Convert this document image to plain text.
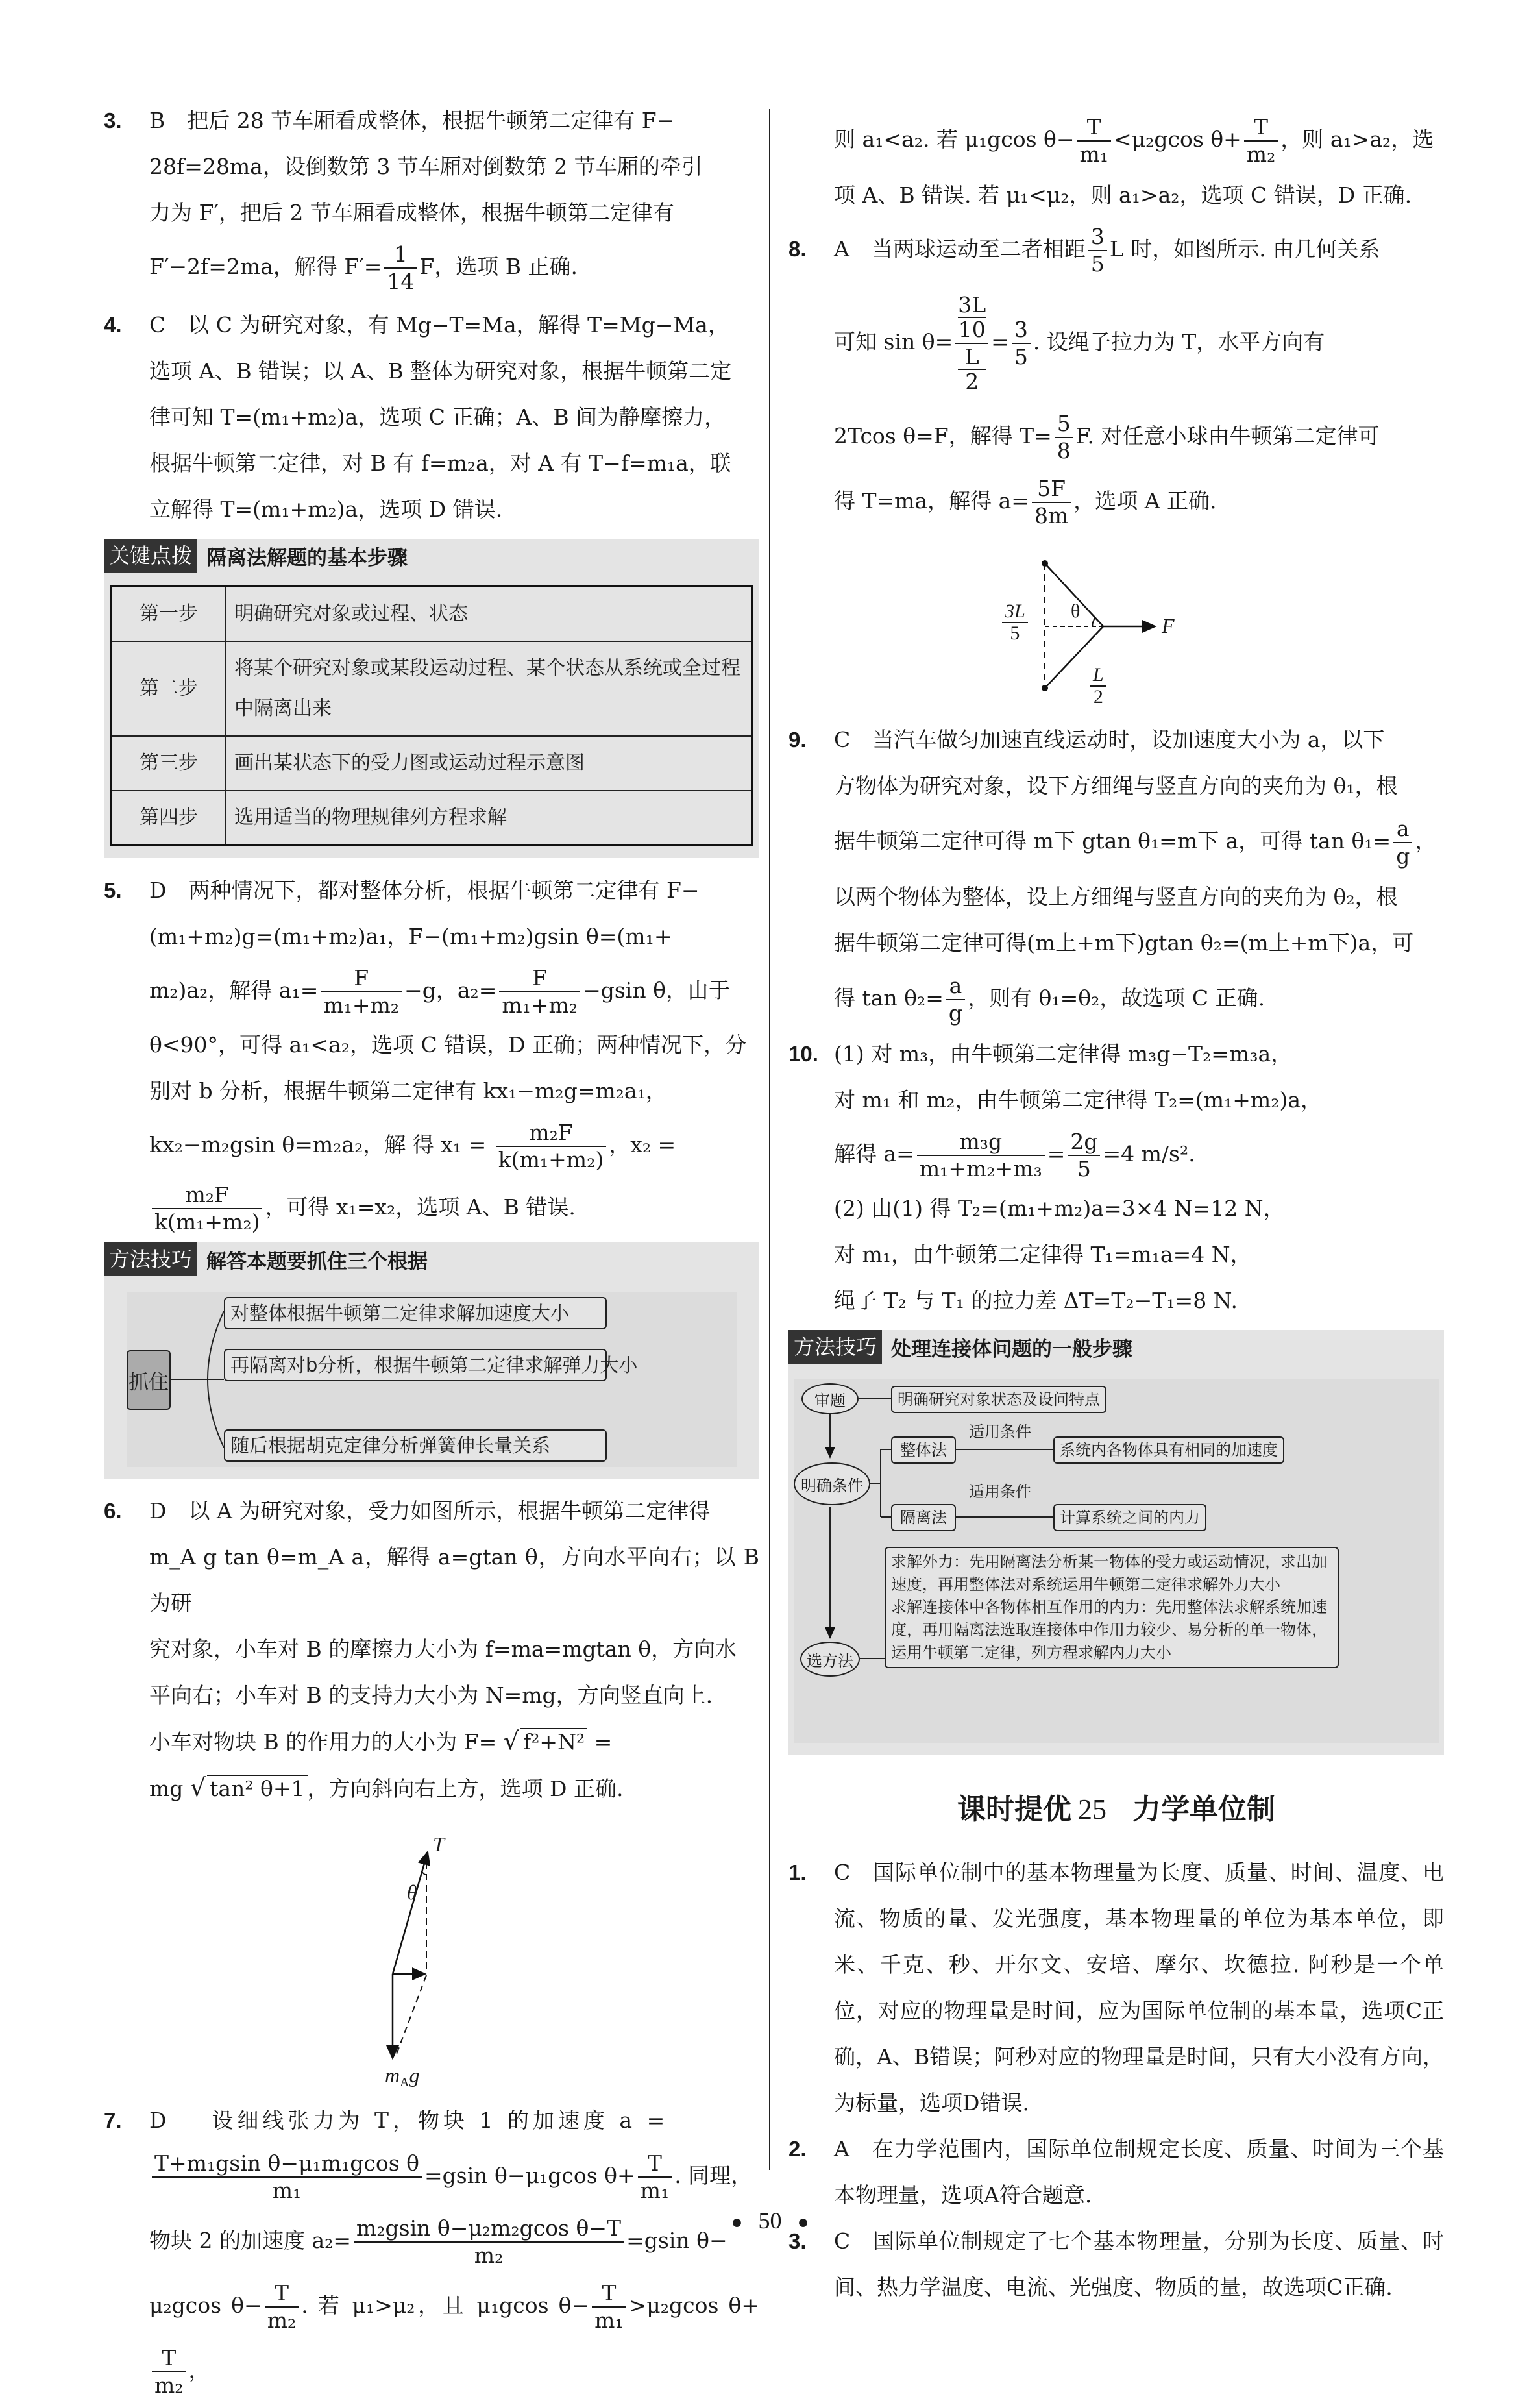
3. B 把后 28 节车厢看成整体，根据牛顿第二定律有 F−

28f=28ma，设倒数第 3 节车厢对倒数第 2 节车厢的牵引

力为 F′，把后 2 节车厢看成整体，根据牛顿第二定律有

F′−2f=2ma，解得 $F'= \frac{1}{14}$ F，选项 B 正确.

4. C 以 C 为研究对象，有 Mg−T=Ma，解得 T=Mg−Ma，

选项 A、B 错误；以 A、B 整体为研究对象，根据牛顿第二定

律可知 T=(m₁+m₂)a，选项 C 正确；A、B 间为静摩擦力，

根据牛顿第二定律，对 B 有 f=m₂a，对 A 有 T−f=m₁a，联

立解得 T=(m₁+m₂)a，选项 D 错误.

关键点拨 隔离法解题的基本步骤
第一步	明确研究对象或过程、状态
第二步	将某个研究对象或某段运动过程、某个状态从系统或全过程中隔离出来
第三步	画出某状态下的受力图或运动过程示意图
第四步	选用适当的物理规律列方程求解

5. D 两种情况下，都对整体分析，根据牛顿第二定律有 F−

(m₁+m₂)g=(m₁+m₂)a₁，F−(m₁+m₂)gsin θ=(m₁+

m₂)a₂，解得 $a_1= \frac{F}{\text{m₁+m₂}} -g$，$a_2= \frac{F}{\text{m₁+m₂}} -gsin$ θ，由于

θ<90°，可得 a₁<a₂，选项 C 错误，D 正确；两种情况下，分

别对 b 分析，根据牛顿第二定律有 kx₁−m₂g=m₂a₁，

kx₂−m₂gsin θ=m₂a₂，解 得 $x_1 = \frac{\text{m₂F}}{\text{k(m₁+m₂)}}$ ，x₂ =

$\frac{\text{m₂F}}{\text{k(m₁+m₂)}}$ ，可得 x₁=x₂，选项 A、B 错误.

方法技巧 解答本题要抓住三个根据
抓住
对整体根据牛顿第二定律求解加速度大小
再隔离对b分析，根据牛顿第二定律求解弹力大小
随后根据胡克定律分析弹簧伸长量关系

6. D 以 A 为研究对象，受力如图所示，根据牛顿第二定律得

m_A g tan θ=m_A a，解得 a=gtan θ，方向水平向右；以 B 为研

究对象，小车对 B 的摩擦力大小为 f=ma=mgtan θ，方向水

平向右；小车对 B 的支持力大小为 N=mg，方向竖直向上.

小车对物块 B 的作用力的大小为 F= √ f²+N² =

mg √ tan² θ+1 ，方向斜向右上方，选项 D 正确.

T
θ
$m_Ag$

7. D 设细线张力为 T，物块 1 的加速度 a =

$\frac{\text{T+m₁gsin θ−μ₁m₁gcos θ}}{\text{m₁}} =gsin$ θ−μ₁gcos $\theta+ \frac{T}{\text{m₁}}$ . 同理，

物块 2 的加速度 $a_2= \frac{\text{m₂gsin θ−μ₂m₂gcos θ−T}}{\text{m₂}} =gsin$ θ−

μ₂gcos $\theta- \frac{T}{\text{m₂}}$ . 若 μ₁>μ₂，且 μ₁gcos $\theta- \frac{T}{\text{m₁}} >\mu_2gcos$ θ+
$\frac{T}{\text{m₂}}$ ，

则 a₁<a₂. 若 μ₁gcos $\theta- \frac{T}{\text{m₁}} <\mu_2gcos$ $\theta+ \frac{T}{\text{m₂}}$ ，则 a₁>a₂，选

项 A、B 错误. 若 μ₁<μ₂，则 a₁>a₂，选项 C 错误，D 正确.

8. A 当两球运动至二者相距 $\frac{3}{5}$ L 时，如图所示. 由几何关系

可知 sin θ= 3L
10
L
$2 = \frac{3}{5}$ . 设绳子拉力为 T，水平方向有

2Tcos θ=F，解得 $T= \frac{5}{8} F$. 对任意小球由牛顿第二定律可

得 T=ma，解得 $a= \frac{5F}{8m}$ ，选项 A 正确.

$\frac{3L}{5}$ θ
F
$\frac{L}{2}$

9. C 当汽车做匀加速直线运动时，设加速度大小为 a，以下

方物体为研究对象，设下方细绳与竖直方向的夹角为 θ₁，根

据牛顿第二定律可得 m下 gtan θ₁=m下 a，可得 $\tan \theta_1= \frac{a}{g}$ ，

以两个物体为整体，设上方细绳与竖直方向的夹角为 θ₂，根

据牛顿第二定律可得(m上+m下)gtan θ₂=(m上+m下)a，可

得 $\tan \theta_2= \frac{a}{g}$ ，则有 θ₁=θ₂，故选项 C 正确.

10. (1) 对 m₃，由牛顿第二定律得 m₃g−T₂=m₃a，

对 m₁ 和 m₂，由牛顿第二定律得 T₂=(m₁+m₂)a，

解得 $a= \frac{\text{m₃g}}{\text{m₁+m₂+m₃}} = \frac{2g}{5} =4$ m/s².

(2) 由(1) 得 T₂=(m₁+m₂)a=3×4 N=12 N，

对 m₁，由牛顿第二定律得 T₁=m₁a=4 N，

绳子 T₂ 与 T₁ 的拉力差 ΔT=T₂−T₁=8 N.

方法技巧 处理连接体问题的一般步骤
审题	明确研究对象状态及设问特点
明确条件
整体法
适用条件
系统内各物体具有相同的加速度
隔离法
适用条件
计算系统之间的内力
选方法
求解外力：先用隔离法分析某一物体的受力或运动情况，求出加速度，再用整体法对系统运用牛顿第二定律求解外力大小
求解连接体中各物体相互作用的内力：先用整体法求解系统加速度，再用隔离法选取连接体中作用力较少、易分析的单一物体，运用牛顿第二定律，列方程求解内力大小
课时提优 25 力学单位制

1. C 国际单位制中的基本物理量为长度、质量、时间、温度、电流、物质的量、发光强度，基本物理量的单位为基本单位，即米、千克、秒、开尔文、安培、摩尔、坎德拉. 阿秒是一个单位，对应的物理量是时间，应为国际单位制的基本量，选项C正确，A、B错误；阿秒对应的物理量是时间，只有大小没有方向，为标量，选项D错误.

2. A 在力学范围内，国际单位制规定长度、质量、时间为三个基本物理量，选项A符合题意.

3. C 国际单位制规定了七个基本物理量，分别为长度、质量、时间、热力学温度、电流、光强度、物质的量，故选项C正确.

● 50 ●
